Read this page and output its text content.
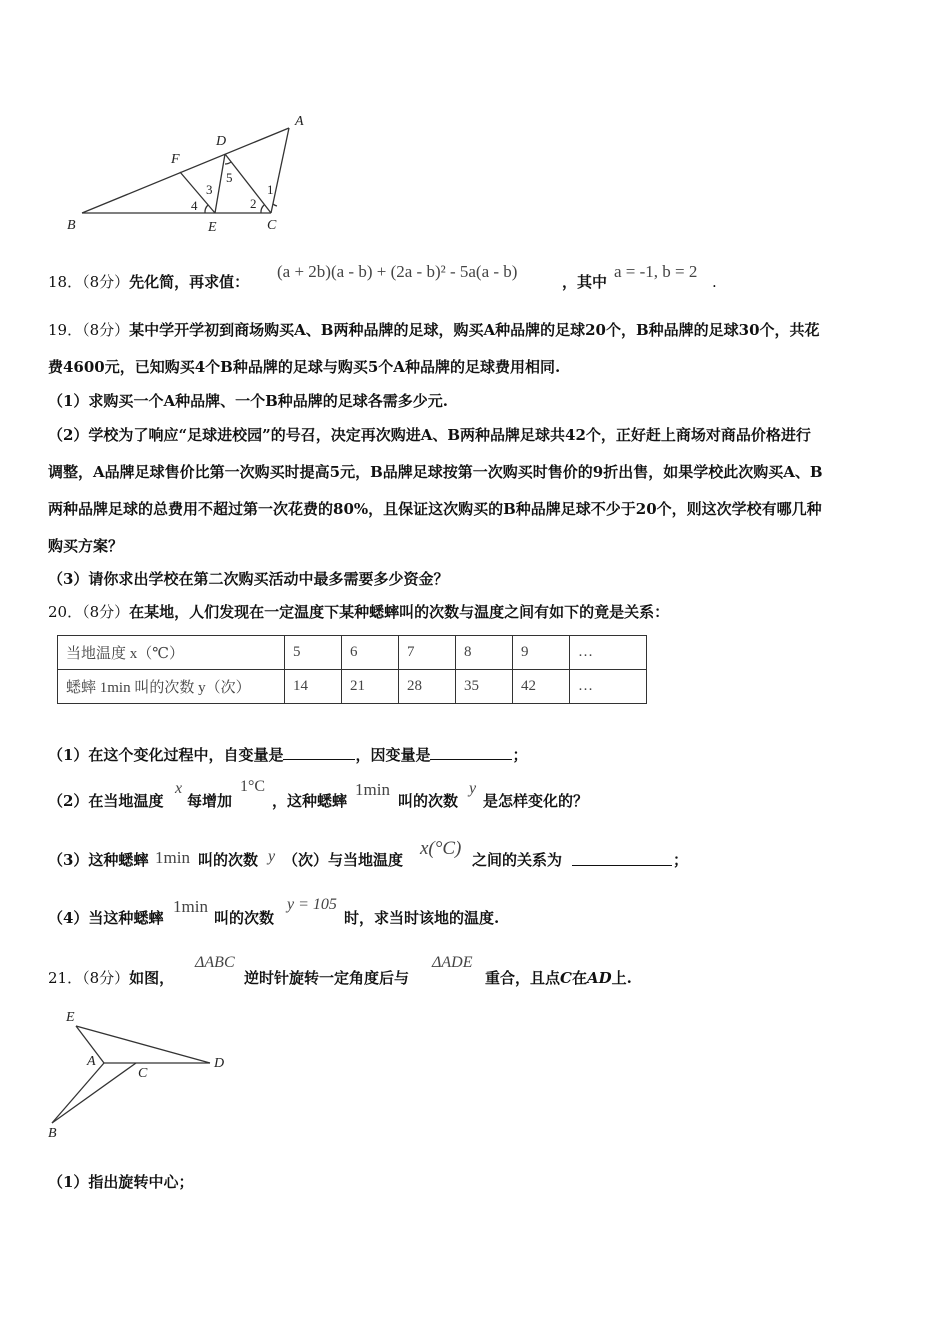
A
D
F
B	E	C
1
2
3
4
5
18．（8分）先化简，再求值：
(a + 2b)(a - b) + (2a - b)² - 5a(a - b)
，其中
a = -1, b = 2
.
19．（8分）某中学开学初到商场购买A、B两种品牌的足球，购买A种品牌的足球20个，B种品牌的足球30个，共花
费4600元，已知购买4个B种品牌的足球与购买5个A种品牌的足球费用相同.
（1）求购买一个A种品牌、一个B种品牌的足球各需多少元.
（2）学校为了响应“足球进校园”的号召，决定再次购进A、B两种品牌足球共42个，正好赶上商场对商品价格进行
调整，A品牌足球售价比第一次购买时提高5元，B品牌足球按第一次购买时售价的9折出售，如果学校此次购买A、B
两种品牌足球的总费用不超过第一次花费的80%，且保证这次购买的B种品牌足球不少于20个，则这次学校有哪几种
购买方案？
（3）请你求出学校在第二次购买活动中最多需要多少资金？
20．（8分）在某地，人们发现在一定温度下某种蟋蟀叫的次数与温度之间有如下的竟是关系：
当地温度 x（℃）	5	6	7	8	9	…
蟋蟀 1min 叫的次数 y（次）	14	21	28	35	42	…
（1）在这个变化过程中，自变量是	，因变量是	；
（2）在当地温度
x
每增加
1°C
，这种蟋蟀
1min
叫的次数
y
是怎样变化的？
（3）这种蟋蟀 1min 叫的次数 y （次）与当地温度
x(°C)
之间的关系为	；
（4）当这种蟋蟀
1min
叫的次数
y = 105
时，求当时该地的温度.
21．（8分）如图，
ΔABC
逆时针旋转一定角度后与
ΔADE
重合，且点C在AD上.
E
A
C
D
B
（1）指出旋转中心；
